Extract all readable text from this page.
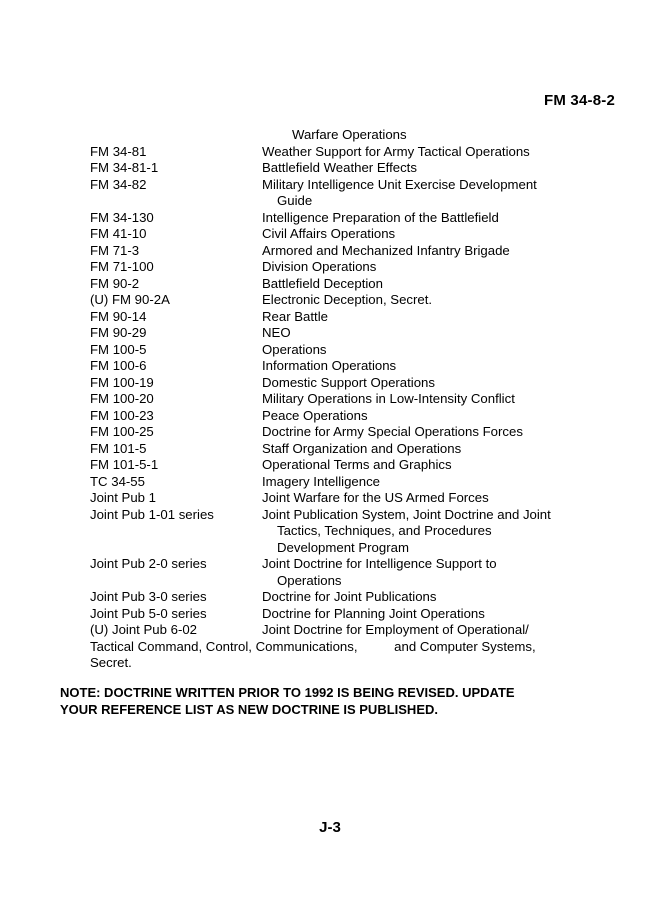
FM 34-8-2
Warfare Operations
FM 34-81	Weather Support for Army Tactical Operations
FM 34-81-1	Battlefield Weather Effects
FM 34-82	Military Intelligence Unit Exercise Development
Guide
FM 34-130	Intelligence Preparation of the Battlefield
FM 41-10	Civil Affairs Operations
FM 71-3	Armored and Mechanized Infantry Brigade
FM 71-100	Division Operations
FM 90-2	Battlefield Deception
(U) FM 90-2A	Electronic Deception, Secret.
FM 90-14	Rear Battle
FM 90-29	NEO
FM 100-5	Operations
FM 100-6	Information Operations
FM 100-19	Domestic Support Operations
FM 100-20	Military Operations in Low-Intensity Conflict
FM 100-23	Peace Operations
FM 100-25	Doctrine for Army Special Operations Forces
FM 101-5	Staff Organization and Operations
FM 101-5-1	Operational Terms and Graphics
TC 34-55	Imagery Intelligence
Joint Pub 1	Joint Warfare for the US Armed Forces
Joint Pub 1-01 series	Joint Publication System, Joint Doctrine and Joint
Tactics, Techniques, and Procedures
Development Program
Joint Pub 2-0 series	Joint Doctrine for Intelligence Support to
Operations
Joint Pub 3-0 series	Doctrine for Joint Publications
Joint Pub 5-0 series	Doctrine for Planning Joint Operations
(U) Joint Pub 6-02	Joint Doctrine for Employment of Operational/
Tactical Command, Control, Communications,          and Computer Systems,
Secret.
NOTE: DOCTRINE WRITTEN PRIOR TO 1992 IS BEING REVISED. UPDATE
YOUR REFERENCE LIST AS NEW DOCTRINE IS PUBLISHED.
J-3
